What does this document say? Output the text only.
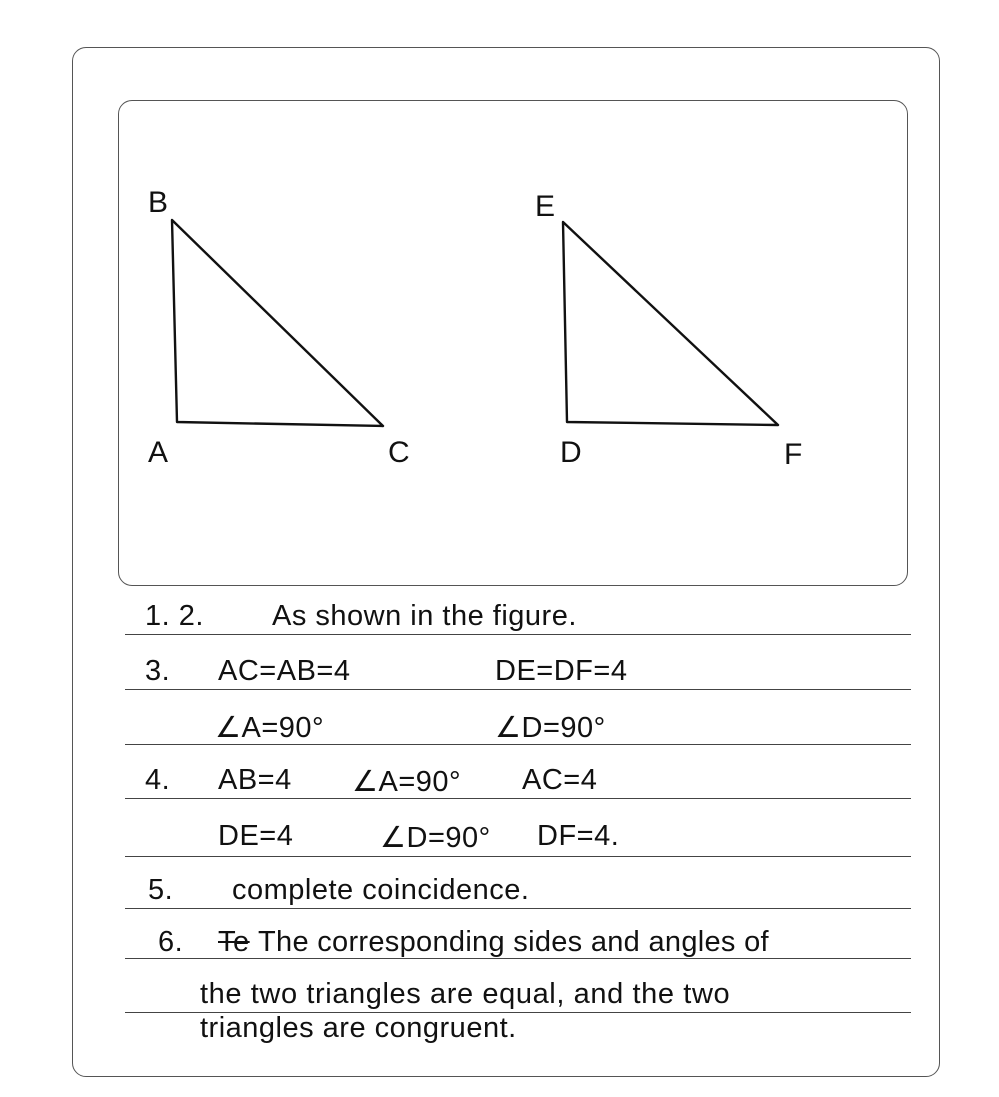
B
A	C
E
D	F
1. 2. As shown in the figure.
3. AC=AB=4	DE=DF=4
∠A=90°	∠D=90°
4. AB=4 ∠A=90° AC=4
DE=4	∠D=90° DF=4.
5. complete coincidence.
6. Te The corresponding sides and angles of
the two triangles are equal, and the two
triangles are congruent.
